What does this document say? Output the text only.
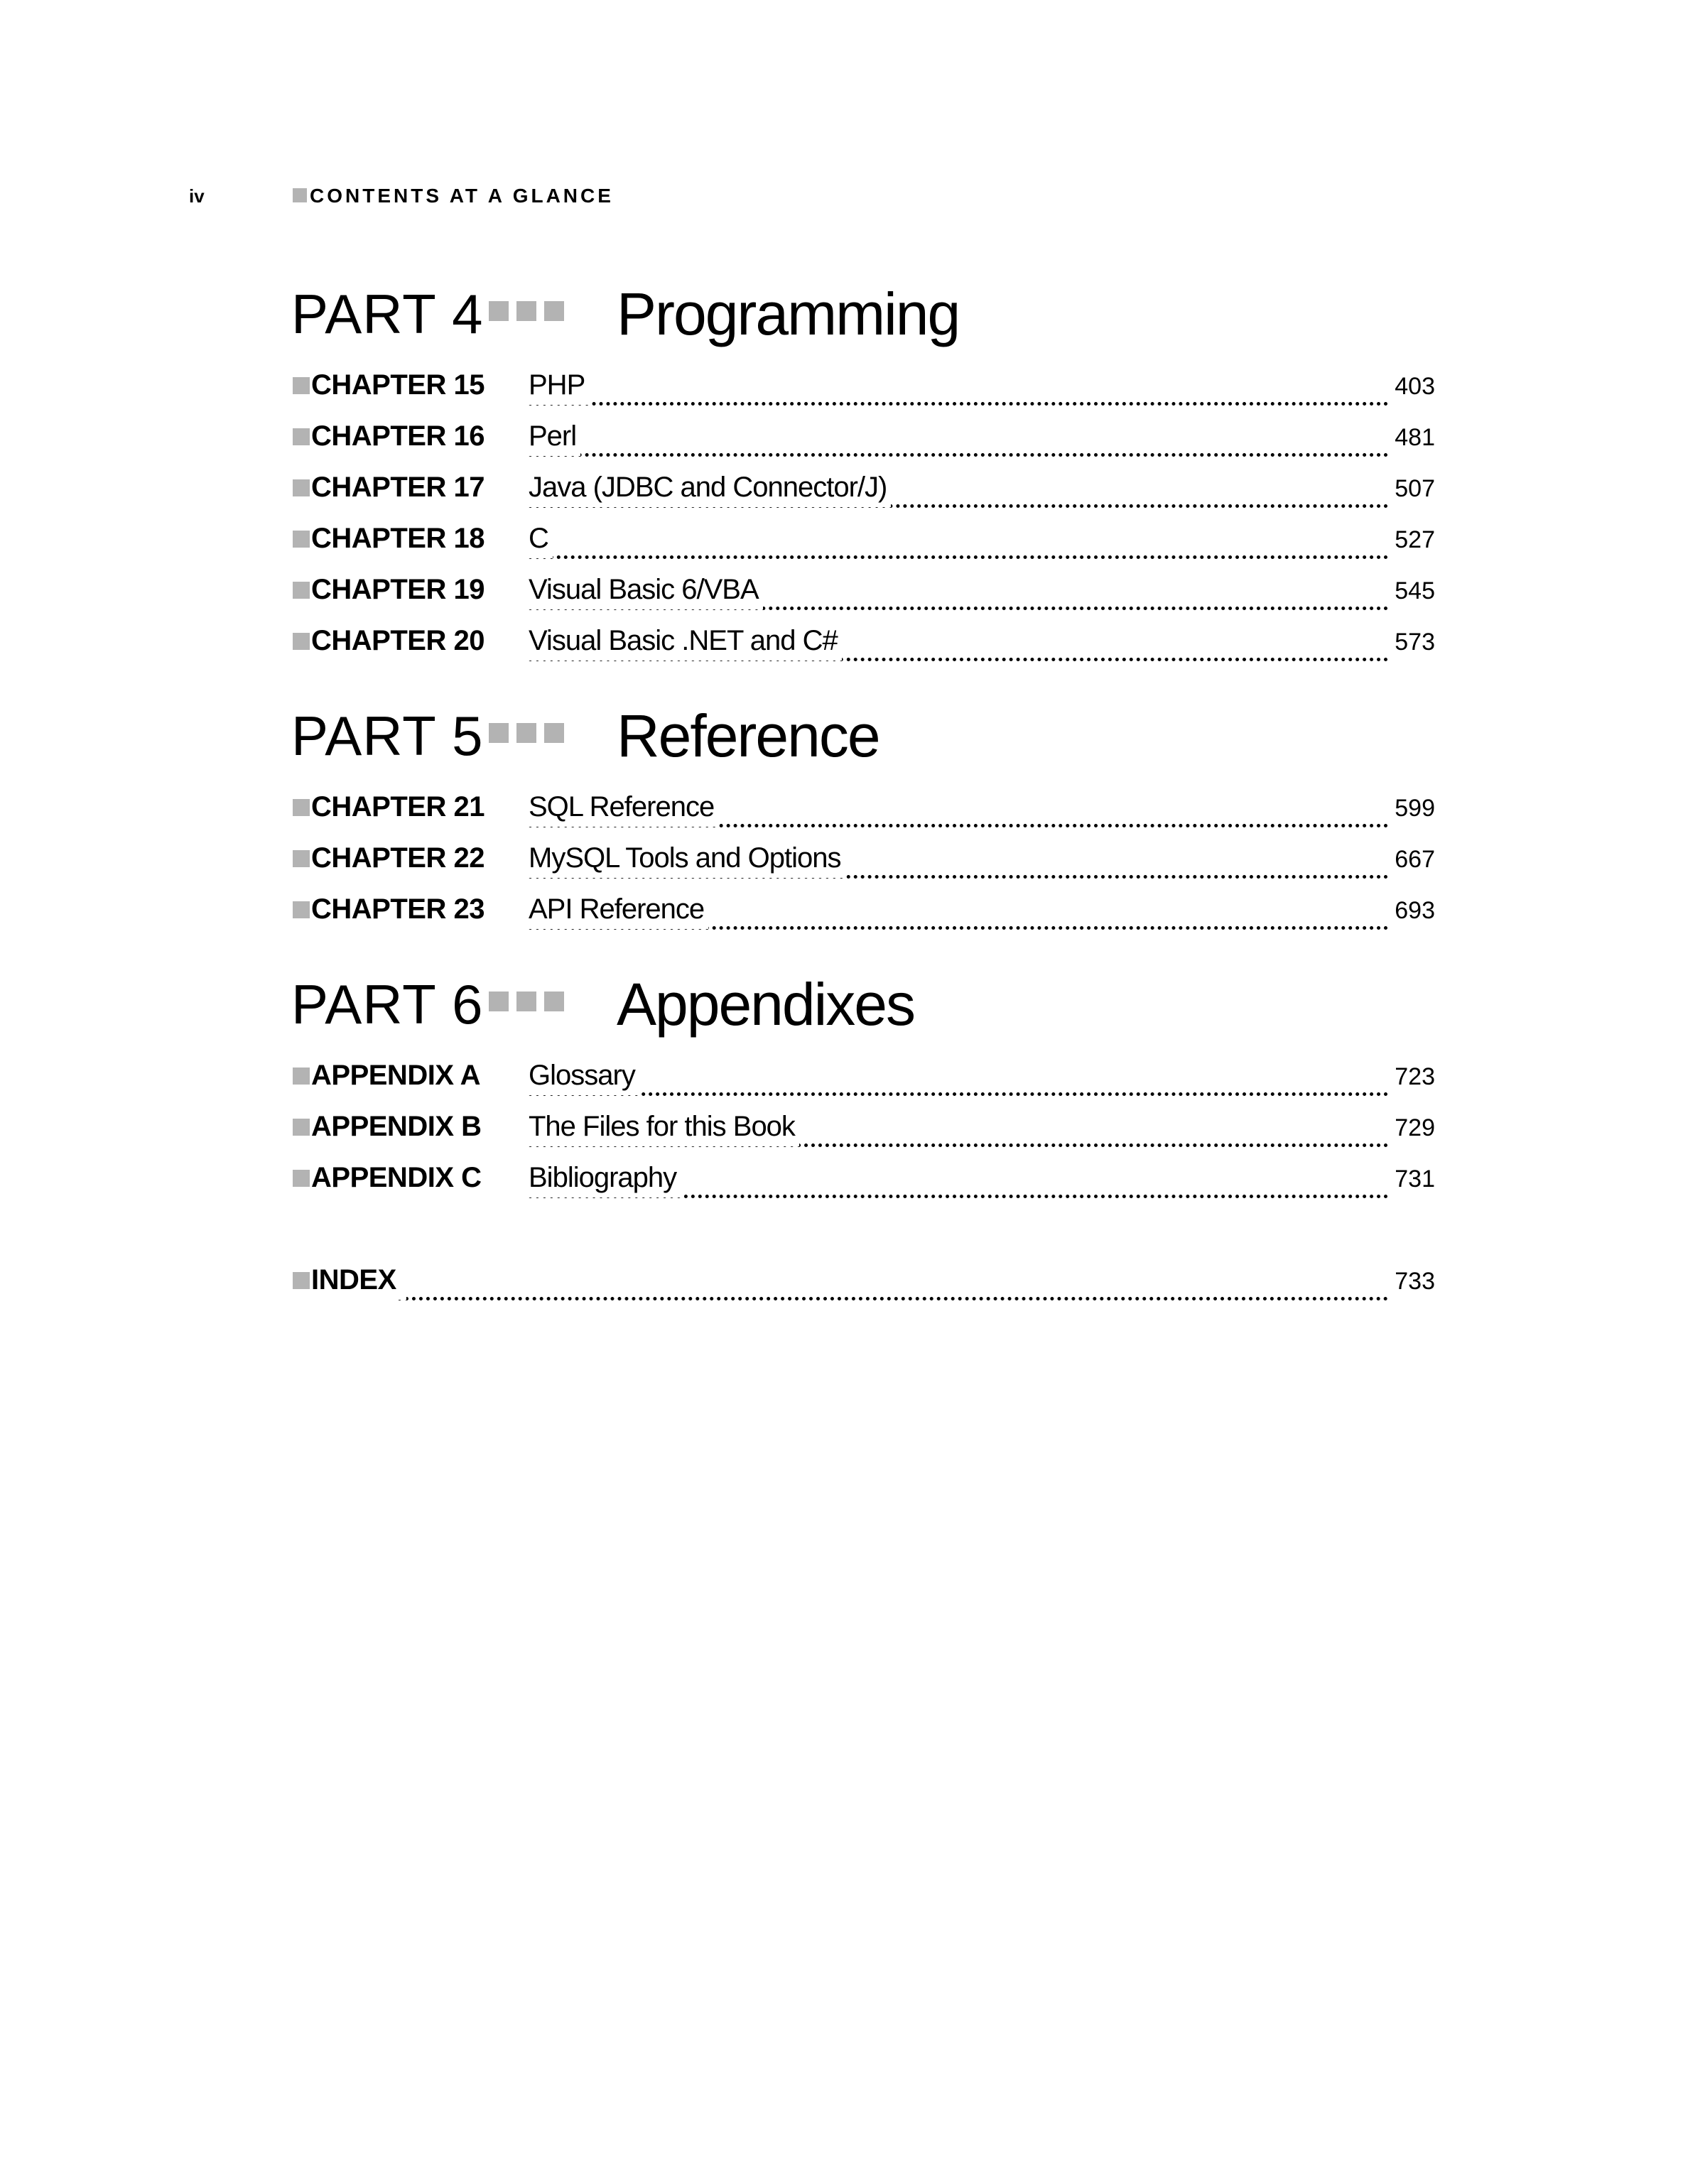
iv	CONTENTS AT A GLANCE
PART 4 Programming
CHAPTER 15 PHP	403
CHAPTER 16 Perl	481
CHAPTER 17 Java (JDBC and Connector/J)	507
CHAPTER 18 C	527
CHAPTER 19 Visual Basic 6/VBA	545
CHAPTER 20 Visual Basic .NET and C#	573
PART 5 Reference
CHAPTER 21 SQL Reference	599
CHAPTER 22 MySQL Tools and Options	667
CHAPTER 23 API Reference	693
PART 6 Appendixes
APPENDIX A Glossary	723
APPENDIX B The Files for this Book	729
APPENDIX C Bibliography	731
INDEX	733
